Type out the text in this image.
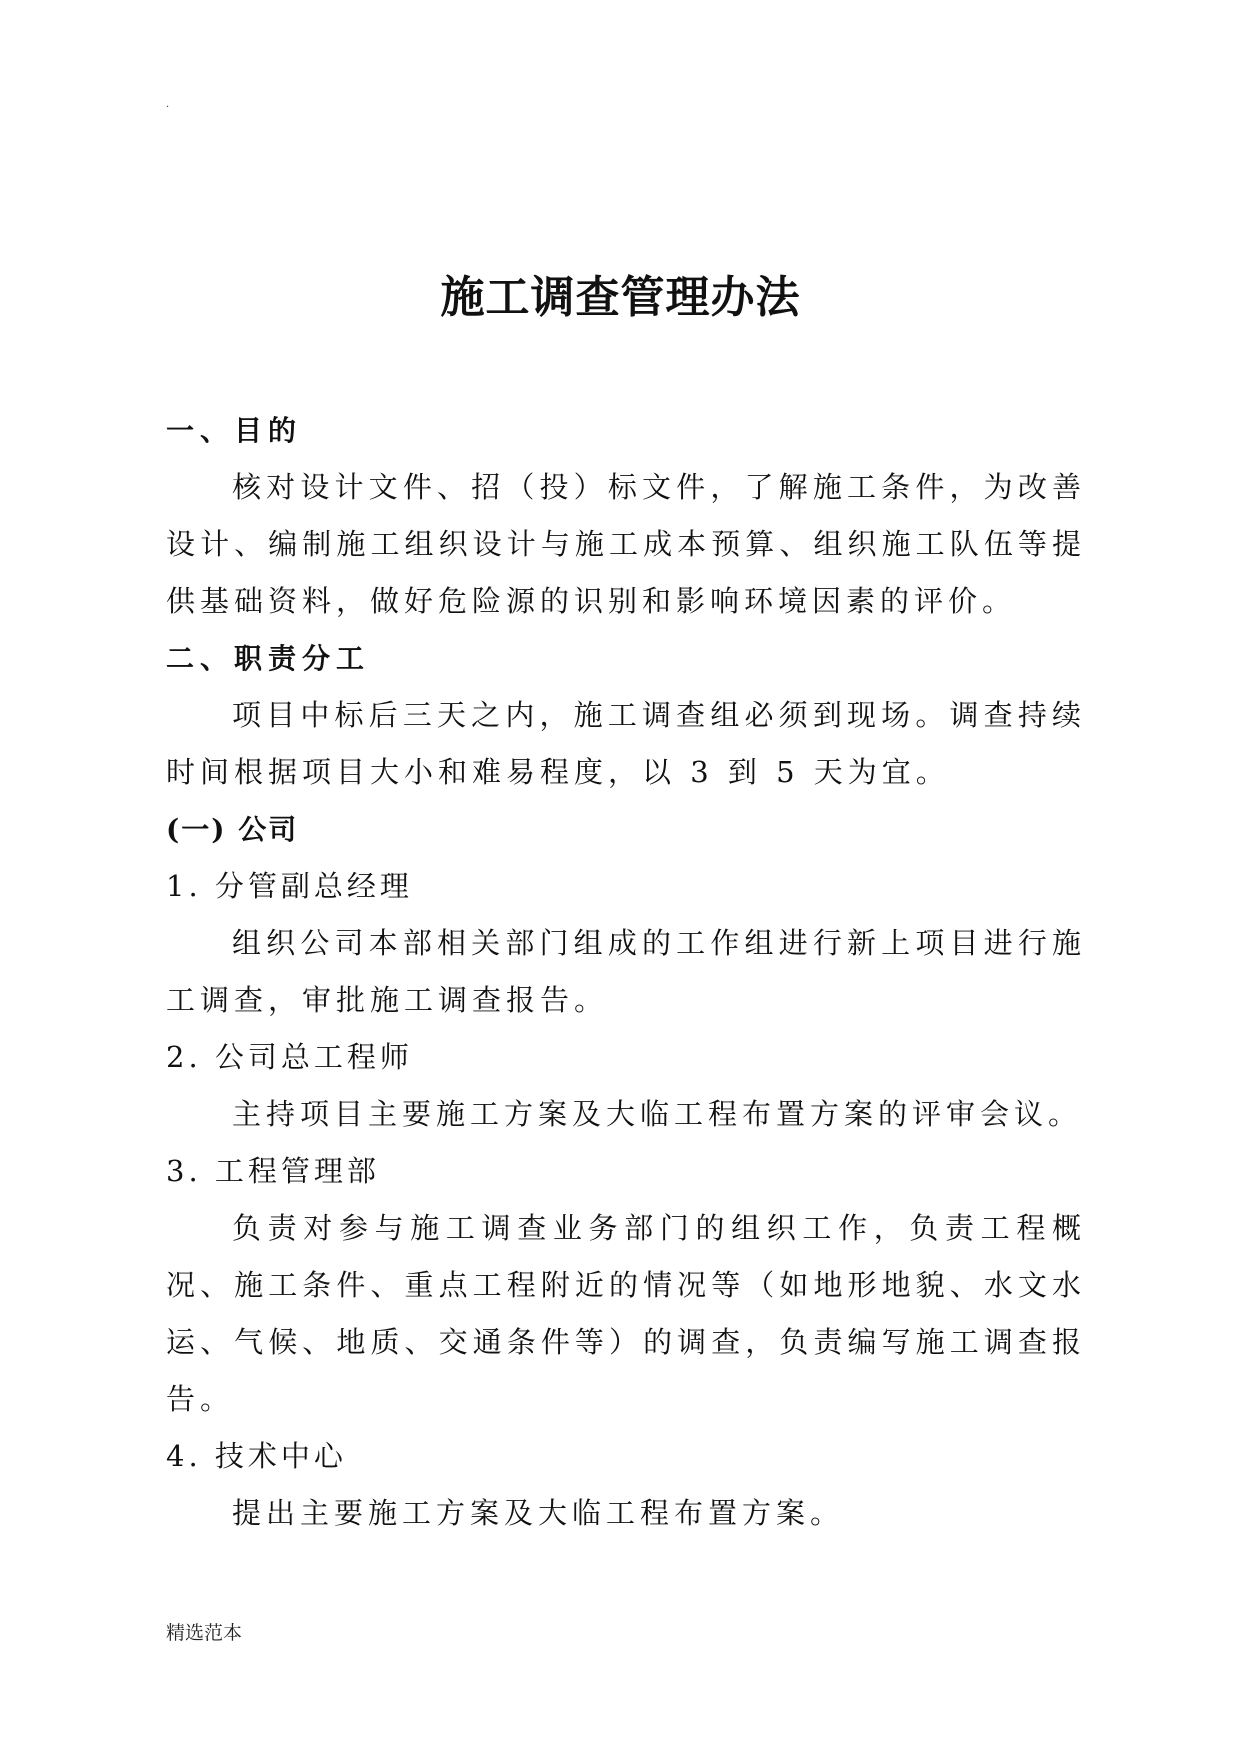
.
施工调查管理办法
一、目的

核对设计文件、招（投）标文件，了解施工条件，为改善设计、编制施工组织设计与施工成本预算、组织施工队伍等提供基础资料，做好危险源的识别和影响环境因素的评价。

二、职责分工

项目中标后三天之内，施工调查组必须到现场。调查持续时间根据项目大小和难易程度，以 3 到 5 天为宜。

(一) 公司
1. 分管副总经理

组织公司本部相关部门组成的工作组进行新上项目进行施工调查，审批施工调查报告。

2. 公司总工程师

主持项目主要施工方案及大临工程布置方案的评审会议。

3. 工程管理部

负责对参与施工调查业务部门的组织工作，负责工程概况、施工条件、重点工程附近的情况等（如地形地貌、水文水运、气候、地质、交通条件等）的调查，负责编写施工调查报告。

4. 技术中心

提出主要施工方案及大临工程布置方案。

精选范本
